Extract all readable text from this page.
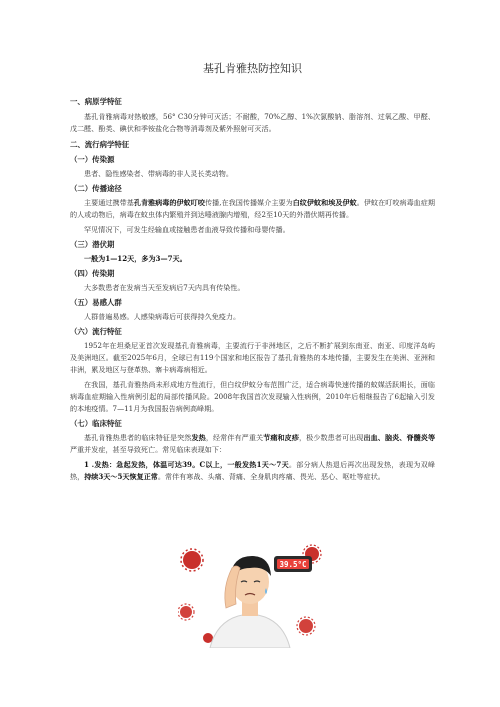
基孔肯雅热防控知识
一、病原学特征

基孔肯雅病毒对热敏感，56° C30分钟可灭活；不耐酸，70%乙醇、1%次氯酸钠、脂溶剂、过氧乙酸、甲醛、戊二醛、酚类、碘伏和季铵盐化合物等消毒剂及紫外照射可灭活。

二、流行病学特征
（一）传染源

患者、隐性感染者、带病毒的非人灵长类动物。

（二）传播途径

主要通过携带基孔肯雅病毒的伊蚊叮咬传播,在我国传播媒介主要为白纹伊蚊和埃及伊蚊。伊蚊在叮咬病毒血症期的人或动物后，病毒在蚊虫体内繁殖并到达唾液腺内增殖，经2至10天的外潜伏期再传播。

罕见情况下，可发生经输血或接触患者血液导致传播和母婴传播。

（三）潜伏期

一般为1—12天，多为3—7天。

（四）传染期

大多数患者在发病当天至发病后7天内具有传染性。

（五）易感人群

人群普遍易感。人感染病毒后可获得持久免疫力。

（六）流行特征

1952年在坦桑尼亚首次发现基孔肯雅病毒，主要流行于非洲地区，之后不断扩展到东南亚、南亚、印度洋岛屿及美洲地区。截至2025年6月，全球已有119个国家和地区报告了基孔肯雅热的本地传播，主要发生在美洲、亚洲和非洲，累及地区与登革热、寨卡病毒病相近。

在我国，基孔肯雅热尚未形成地方性流行，但白纹伊蚊分布范围广泛，适合病毒快速传播的蚊媒活跃期长，面临病毒血症期输入性病例引起的局部传播风险。2008年我国首次发现输入性病例，2010年后相继报告了6起输入引发的本地疫情。7—11月为我国报告病例高峰期。

（七）临床特征

基孔肯雅热患者的临床特征是突然发热，经常伴有严重关节痛和皮疹，极少数患者可出现出血、脑炎、脊髓炎等严重并发症，甚至导致死亡。常见临床表现如下：

1 .发热：急起发热，体温可达39。C以上，一般发热1天～7天。部分病人热退后再次出现发热，表现为双峰热，持续3天～5天恢复正常。常伴有寒战、头痛、背痛、全身肌肉疼痛、畏光、恶心、呕吐等症状。

39.5°C
